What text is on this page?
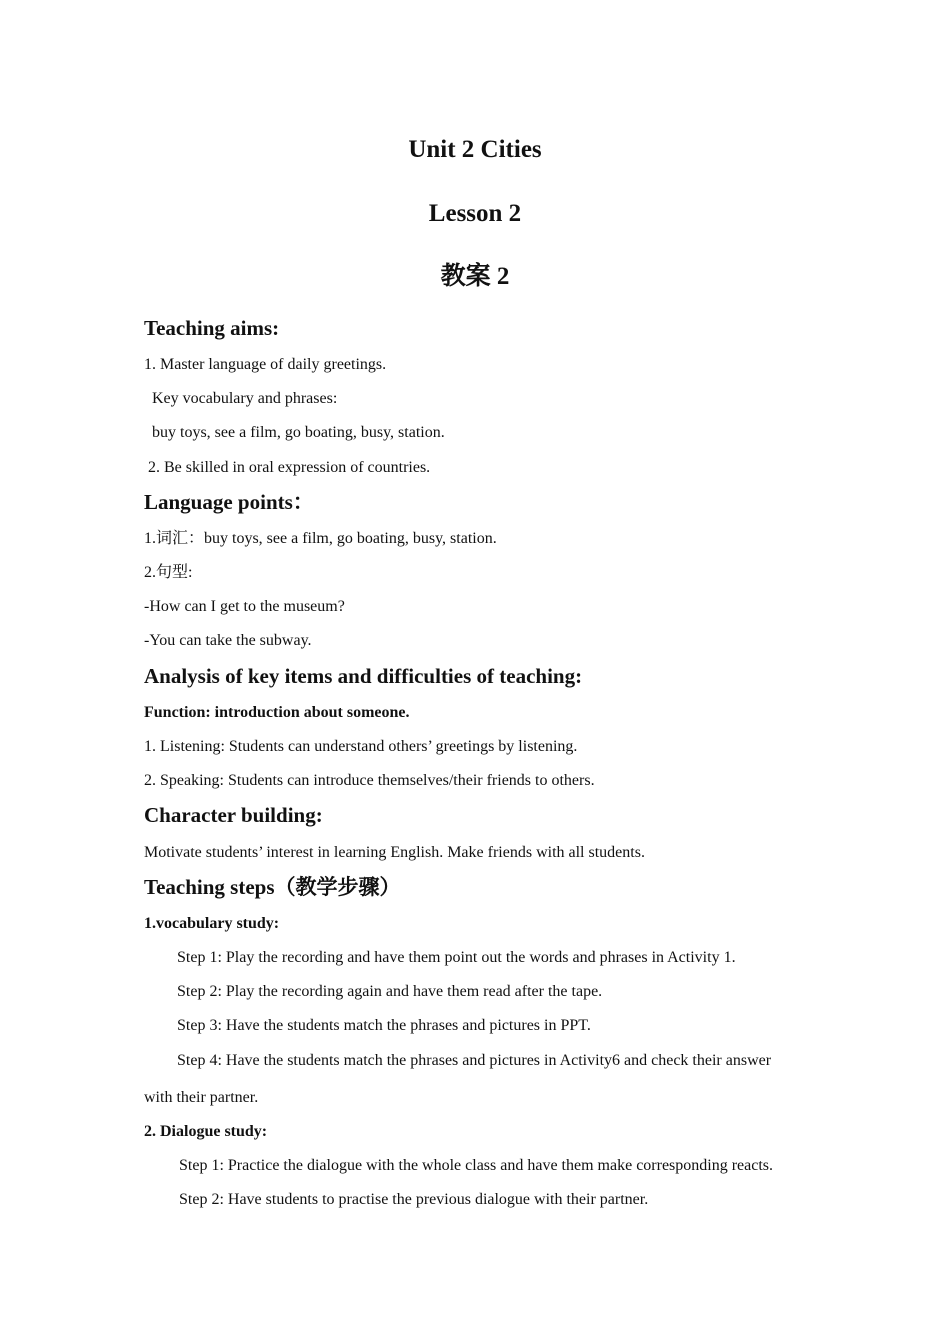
Unit 2 Cities
Lesson 2
教案 2
Teaching aims:
1. Master language of daily greetings.
Key vocabulary and phrases:
buy toys, see a film, go boating, busy, station.
2. Be skilled in oral expression of countries.
Language points：
1.词汇：buy toys, see a film, go boating, busy, station.
2.句型:
-How can I get to the museum?
-You can take the subway.
Analysis of key items and difficulties of teaching:
Function: introduction about someone.
1. Listening: Students can understand others’ greetings by listening.
2. Speaking: Students can introduce themselves/their friends to others.
Character building:
Motivate students’ interest in learning English. Make friends with all students.
Teaching steps（教学步骤）
1.vocabulary study:
Step 1: Play the recording and have them point out the words and phrases in Activity 1.
Step 2: Play the recording again and have them read after the tape.
Step 3: Have the students match the phrases and pictures in PPT.
Step 4: Have the students match the phrases and pictures in Activity6 and check their answer
with their partner.
2. Dialogue study:
Step 1: Practice the dialogue with the whole class and have them make corresponding reacts.
Step 2: Have students to practise the previous dialogue with their partner.
